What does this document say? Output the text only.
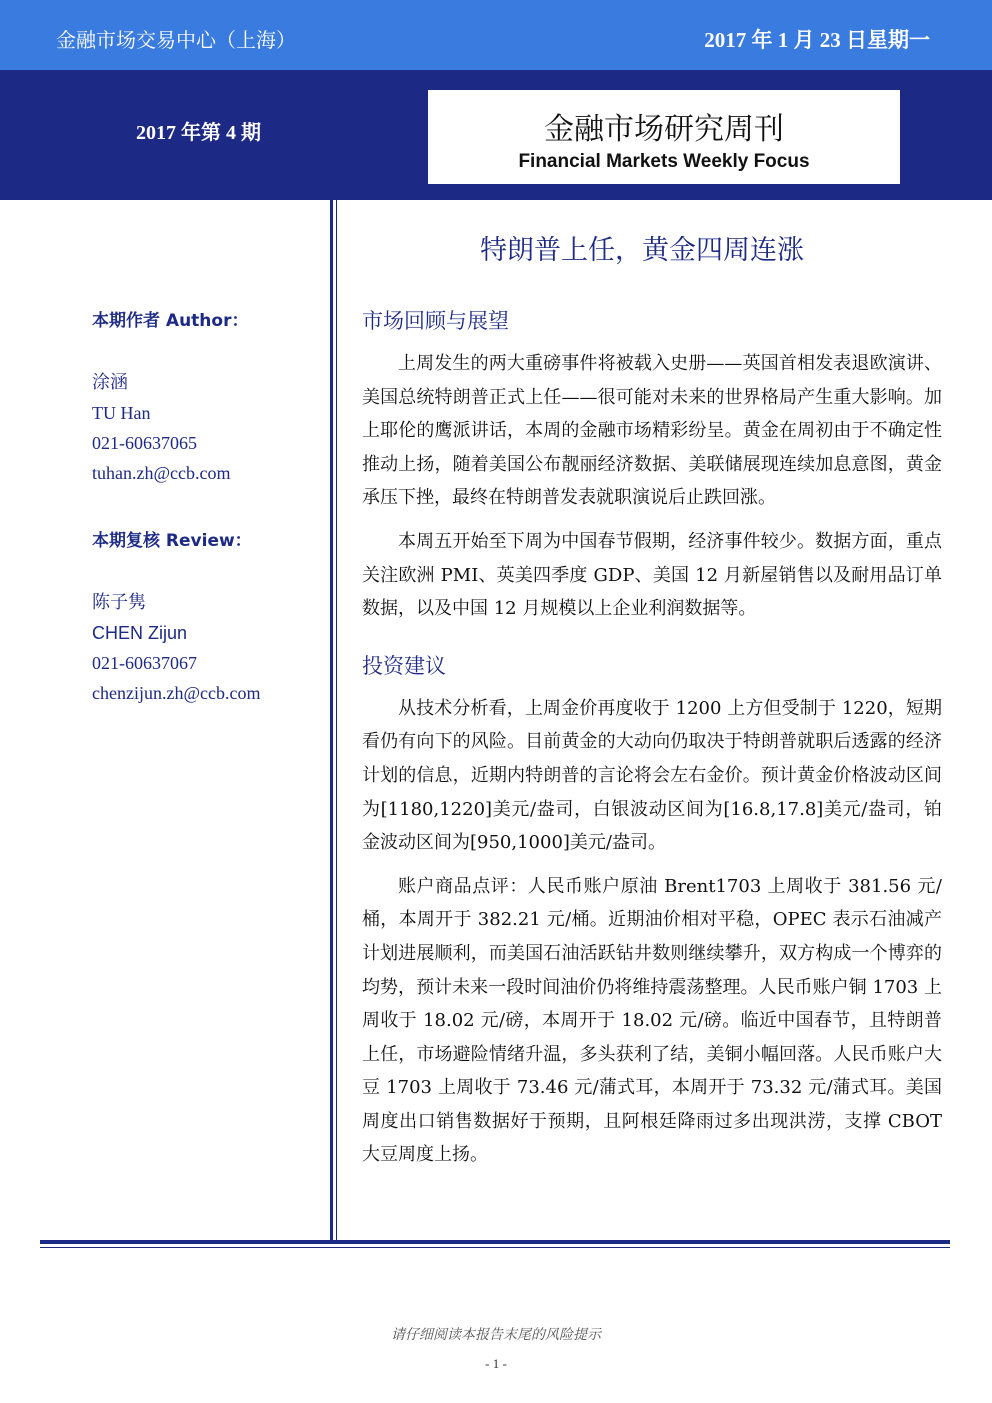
金融市场交易中心（上海）	2017 年 1 月 23 日星期一
2017 年第 4 期	金融市场研究周刊
Financial Markets Weekly Focus
本期作者 Author：
涂涵
TU Han
021-60637065
tuhan.zh@ccb.com
本期复核 Review：
陈子隽
CHEN Zijun
021-60637067
chenzijun.zh@ccb.com
特朗普上任，黄金四周连涨
市场回顾与展望
上周发生的两大重磅事件将被载入史册——英国首相发表退欧演讲、美国总统特朗普正式上任——很可能对未来的世界格局产生重大影响。加上耶伦的鹰派讲话，本周的金融市场精彩纷呈。黄金在周初由于不确定性推动上扬，随着美国公布靓丽经济数据、美联储展现连续加息意图，黄金承压下挫，最终在特朗普发表就职演说后止跌回涨。
本周五开始至下周为中国春节假期，经济事件较少。数据方面，重点关注欧洲 PMI、英美四季度 GDP、美国 12 月新屋销售以及耐用品订单数据，以及中国 12 月规模以上企业利润数据等。
投资建议
从技术分析看，上周金价再度收于 1200 上方但受制于 1220，短期看仍有向下的风险。目前黄金的大动向仍取决于特朗普就职后透露的经济计划的信息，近期内特朗普的言论将会左右金价。预计黄金价格波动区间为[1180,1220]美元/盎司，白银波动区间为[16.8,17.8]美元/盎司，铂金波动区间为[950,1000]美元/盎司。
账户商品点评：人民币账户原油 Brent1703 上周收于 381.56 元/桶，本周开于 382.21 元/桶。近期油价相对平稳，OPEC 表示石油减产计划进展顺利，而美国石油活跃钻井数则继续攀升，双方构成一个博弈的均势，预计未来一段时间油价仍将维持震荡整理。人民币账户铜 1703 上周收于 18.02 元/磅，本周开于 18.02 元/磅。临近中国春节，且特朗普上任，市场避险情绪升温，多头获利了结，美铜小幅回落。人民币账户大豆 1703 上周收于 73.46 元/蒲式耳，本周开于 73.32 元/蒲式耳。美国周度出口销售数据好于预期，且阿根廷降雨过多出现洪涝，支撑 CBOT 大豆周度上扬。
请仔细阅读本报告末尾的风险提示
- 1 -
